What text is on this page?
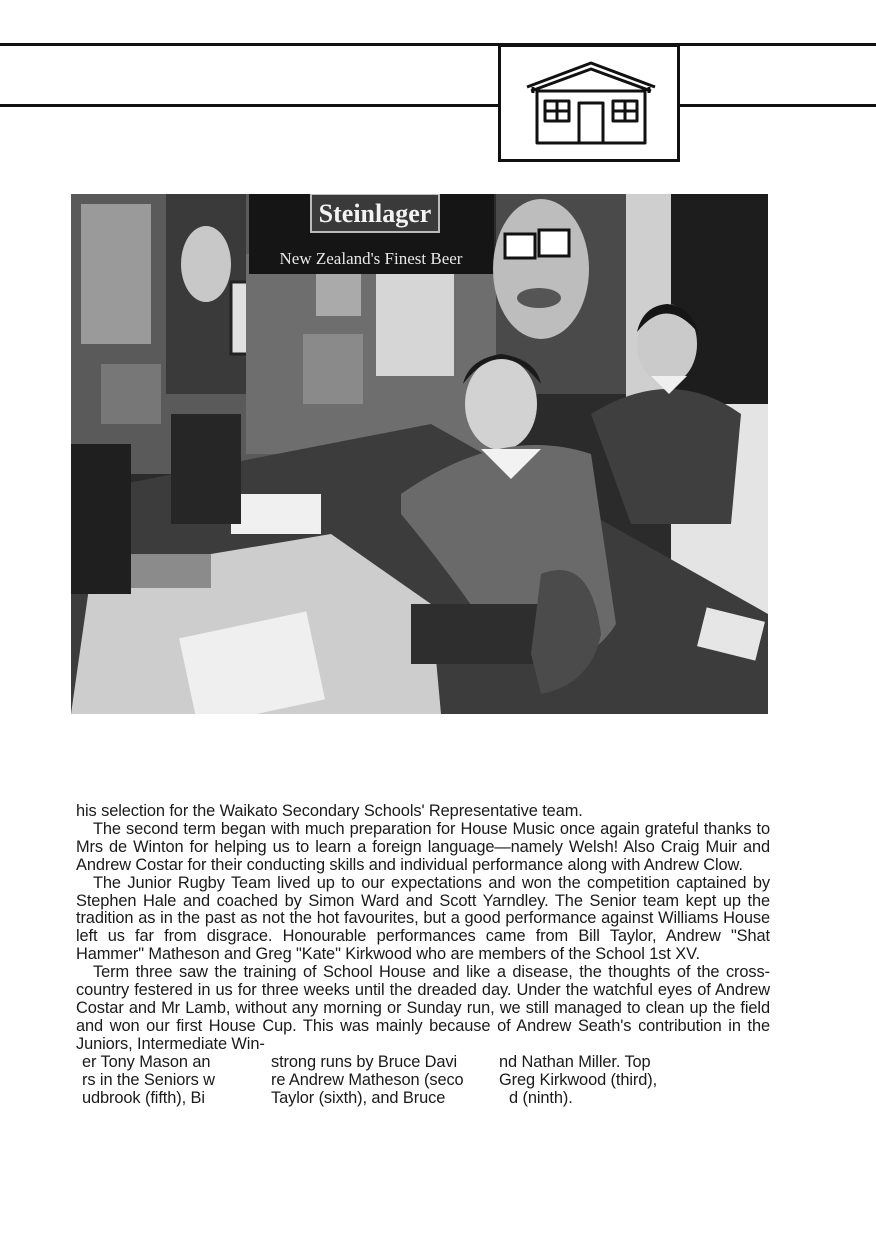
Steinlager
New Zealand's Finest Beer

his selection for the Waikato Secondary Schools' Representative team.

The second term began with much preparation for House Music once again grateful thanks to Mrs de Winton for helping us to learn a foreign language—namely Welsh! Also Craig Muir and Andrew Costar for their conducting skills and individual performance along with Andrew Clow.

The Junior Rugby Team lived up to our expectations and won the competition captained by Stephen Hale and coached by Simon Ward and Scott Yarndley. The Senior team kept up the tradition as in the past as not the hot favourites, but a good performance against Williams House left us far from disgrace. Honourable performances came from Bill Taylor, Andrew "Shat Hammer" Matheson and Greg "Kate" Kirkwood who are members of the School 1st XV.

Term three saw the training of School House and like a disease, the thoughts of the cross-country festered in us for three weeks until the dreaded day. Under the watchful eyes of Andrew Costar and Mr Lamb, without any morning or Sunday run, we still managed to clean up the field and won our first House Cup. This was mainly because of Andrew Seath's contribution in the Juniors, Intermediate Win-

er Tony Mason an	strong runs by Bruce Davi	nd Nathan Miller. Top
rs in the Seniors w	re Andrew Matheson (seco	Greg Kirkwood (third),
udbrook (fifth), Bi	Taylor (sixth), and Bruce	d (ninth).
